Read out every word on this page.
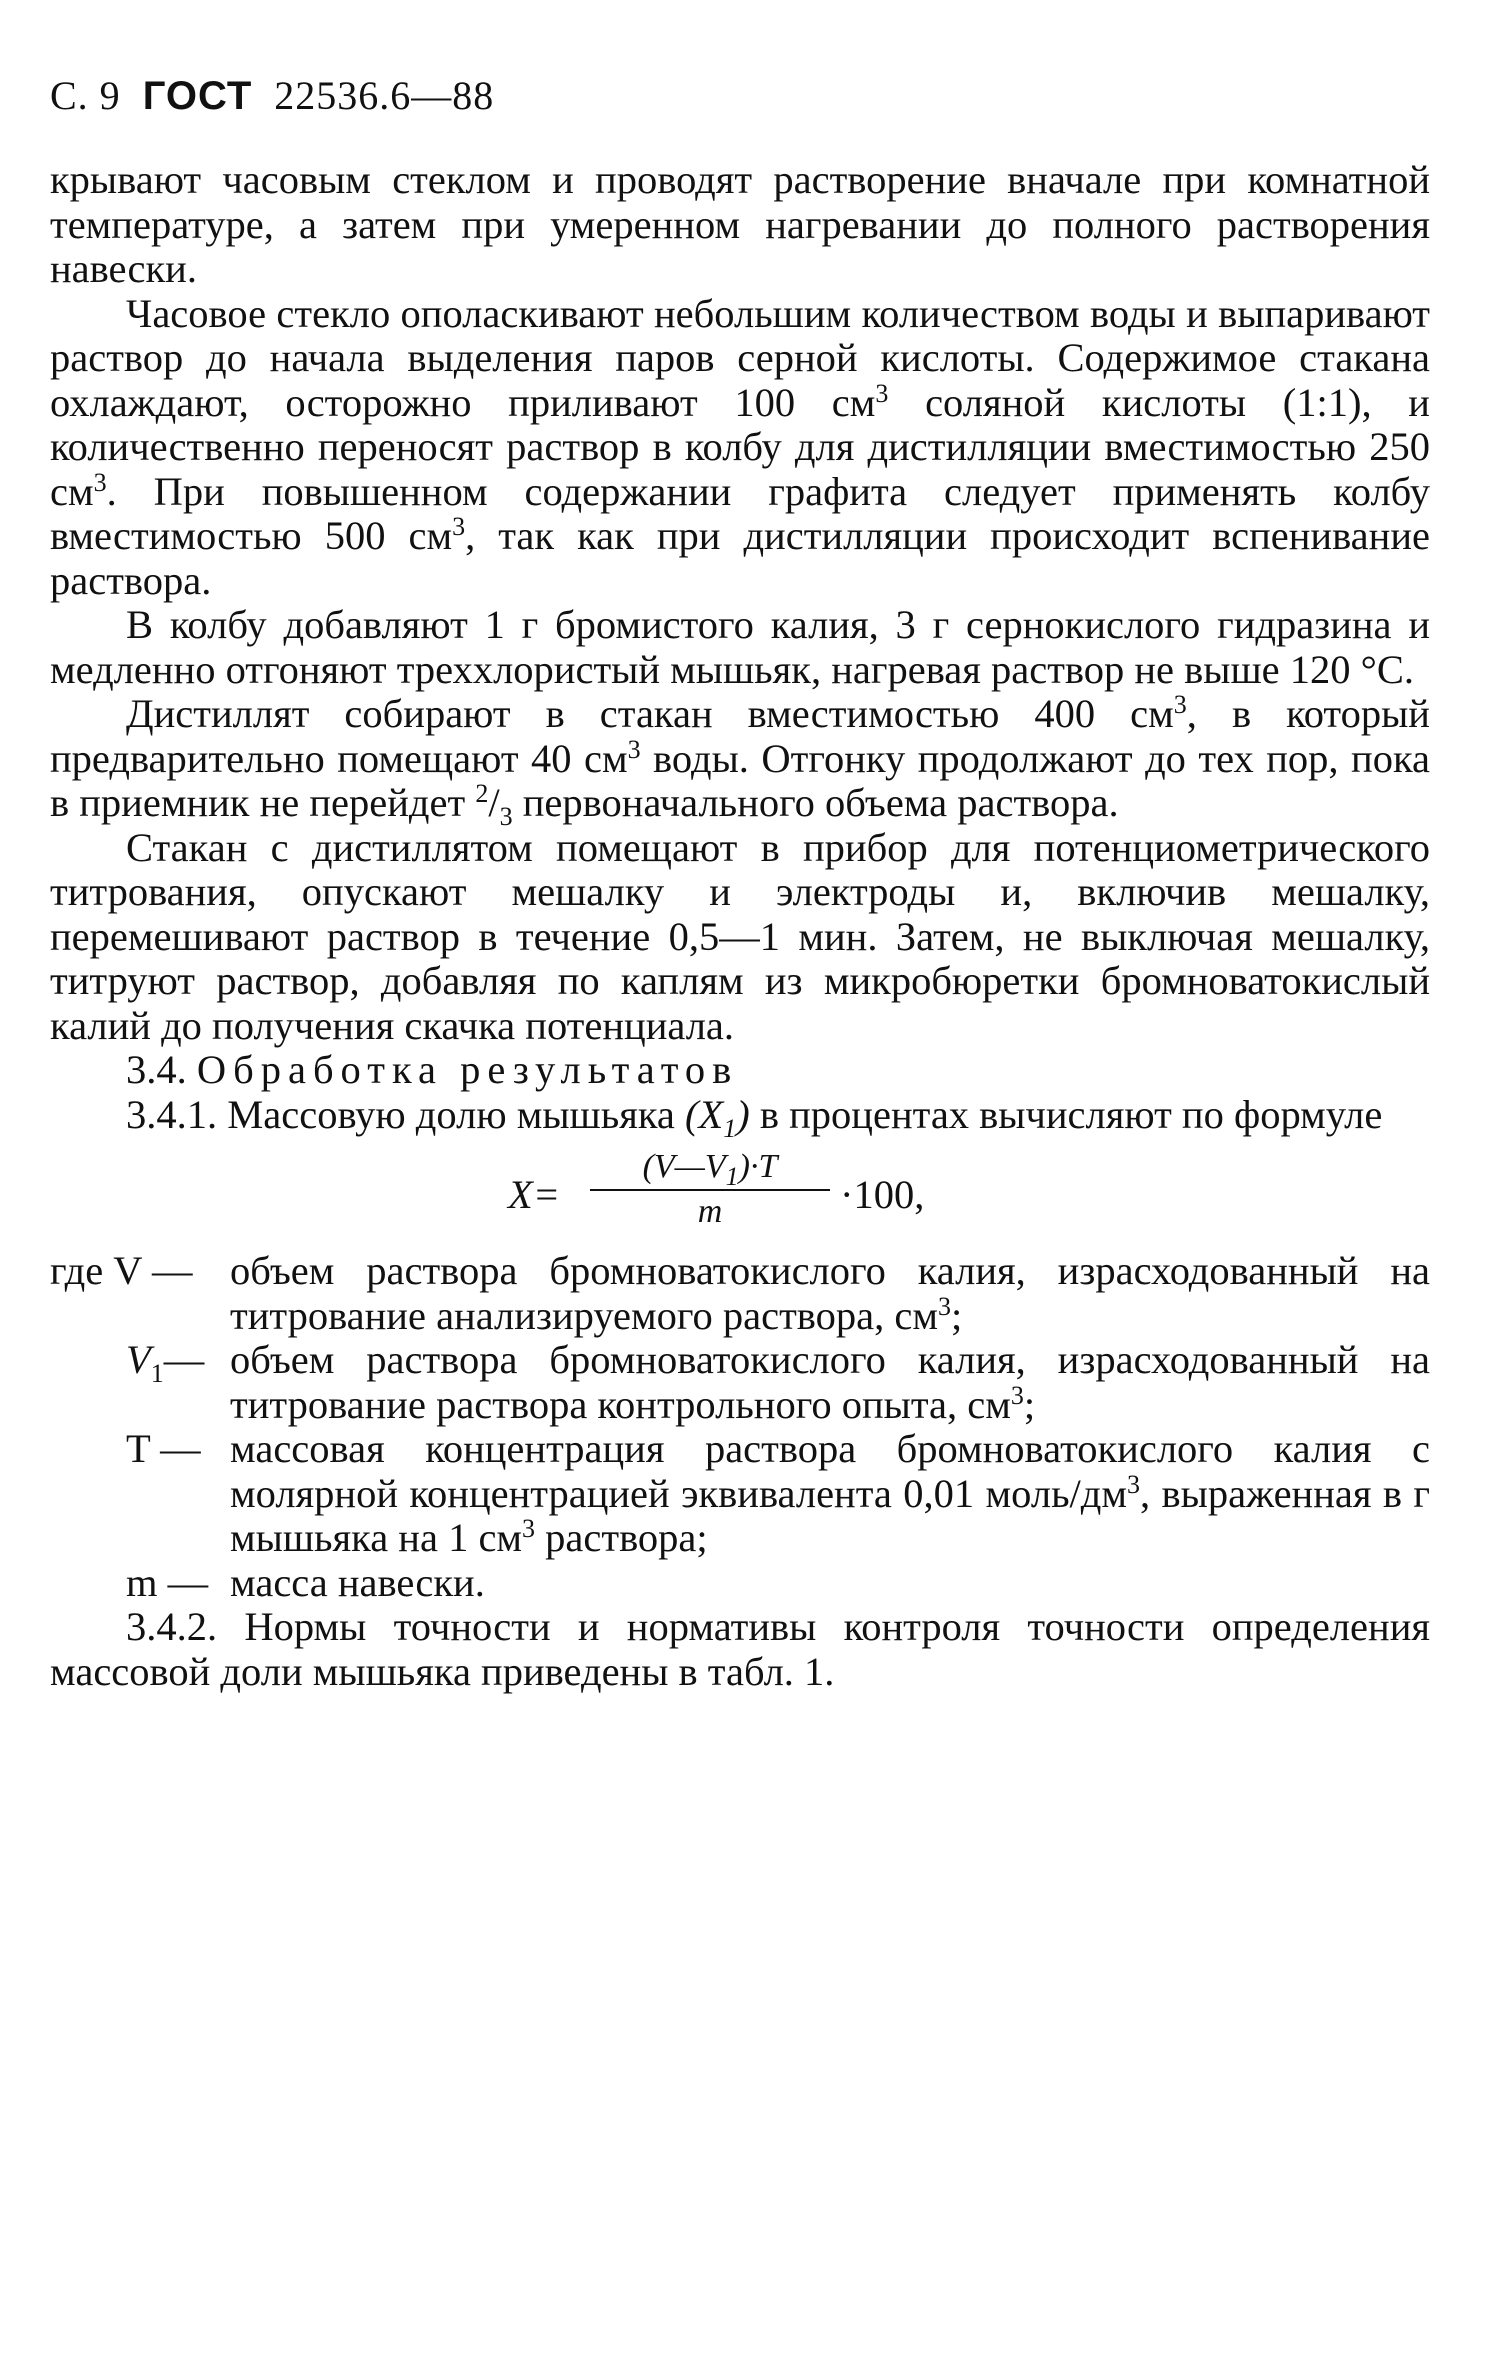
С. 9 ГОСТ 22536.6—88

крывают часовым стеклом и проводят растворение вначале при комнатной температуре, а затем при умеренном нагревании до полного растворения навески.

Часовое стекло ополаскивают небольшим количеством воды и выпаривают раствор до начала выделения паров серной кислоты. Содержимое стакана охлаждают, осторожно приливают 100 $см^3$ соляной кислоты (1:1), и количественно переносят раствор в колбу для дистилляции вместимостью 250 $см^3$. При повышенном содержании графита следует применять колбу вместимостью 500 $см^3$, так как при дистилляции происходит вспенивание раствора.

В колбу добавляют 1 г бромистого калия, 3 г сернокислого гидразина и медленно отгоняют треххлористый мышьяк, нагревая раствор не выше 120 °С.

Дистиллят собирают в стакан вместимостью 400 $см^3$, в который предварительно помещают 40 $см^3$ воды. Отгонку продолжают до тех пор, пока в приемник не перейдет $^2/_3$ первоначального объема раствора.

Стакан с дистиллятом помещают в прибор для потенциометрического титрования, опускают мешалку и электроды и, включив мешалку, перемешивают раствор в течение 0,5—1 мин. Затем, не выключая мешалку, титруют раствор, добавляя по каплям из микробюретки бромноватокислый калий до получения скачка потенциала.

3.4. Обработка результатов

3.4.1. Массовую долю мышьяка $(X_1)$ в процентах вычисляют по формуле

X=
$(V—V_1)\cdot T$
m	·100,
где V — объем раствора бромноватокислого калия, израсходованный на титрование анализируемого раствора, $см^3$;
$V_1—$ объем раствора бромноватокислого калия, израсходованный на титрование раствора контрольного опыта, $см^3$;
T — массовая концентрация раствора бромноватокислого калия с молярной концентрацией эквивалента 0,01 моль/$дм^3$, выраженная в г мышьяка на 1 $см^3$ раствора;
m — масса навески.

3.4.2. Нормы точности и нормативы контроля точности определения массовой доли мышьяка приведены в табл. 1.
